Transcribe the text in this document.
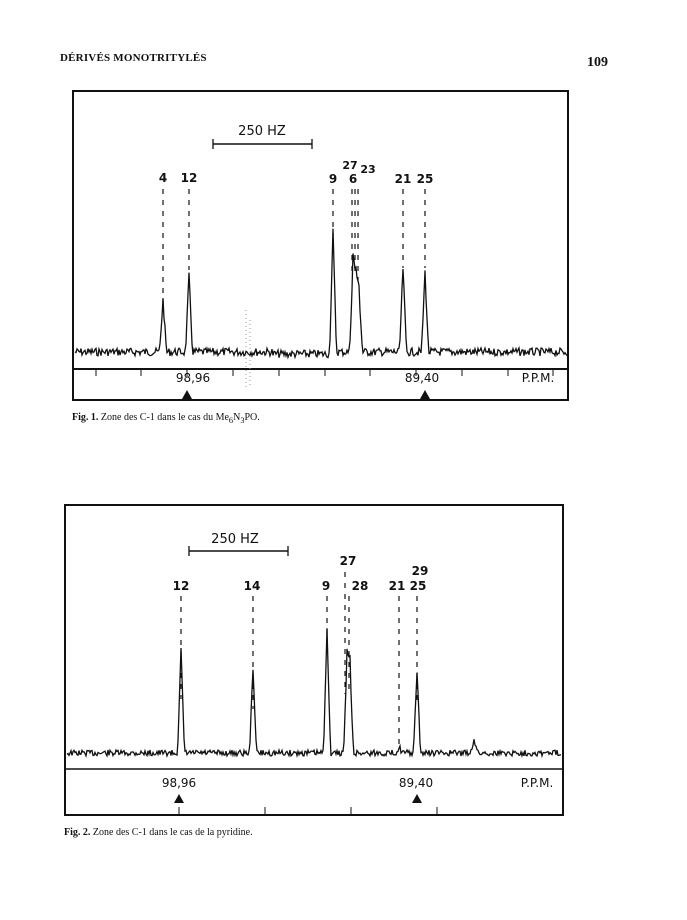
DÉRIVÉS MONOTRITYLÉS	109
250 HZ
4 12	9 6
27 23
21 25
98,96	89,40	P.P.M.
Fig. 1. Zone des C-1 dans le cas du $Me_6N_3PO$.
250 HZ
12	14	9
27
28 21
29
25
98,96	89,40	P.P.M.
Fig. 2. Zone des C-1 dans le cas de la pyridine.
